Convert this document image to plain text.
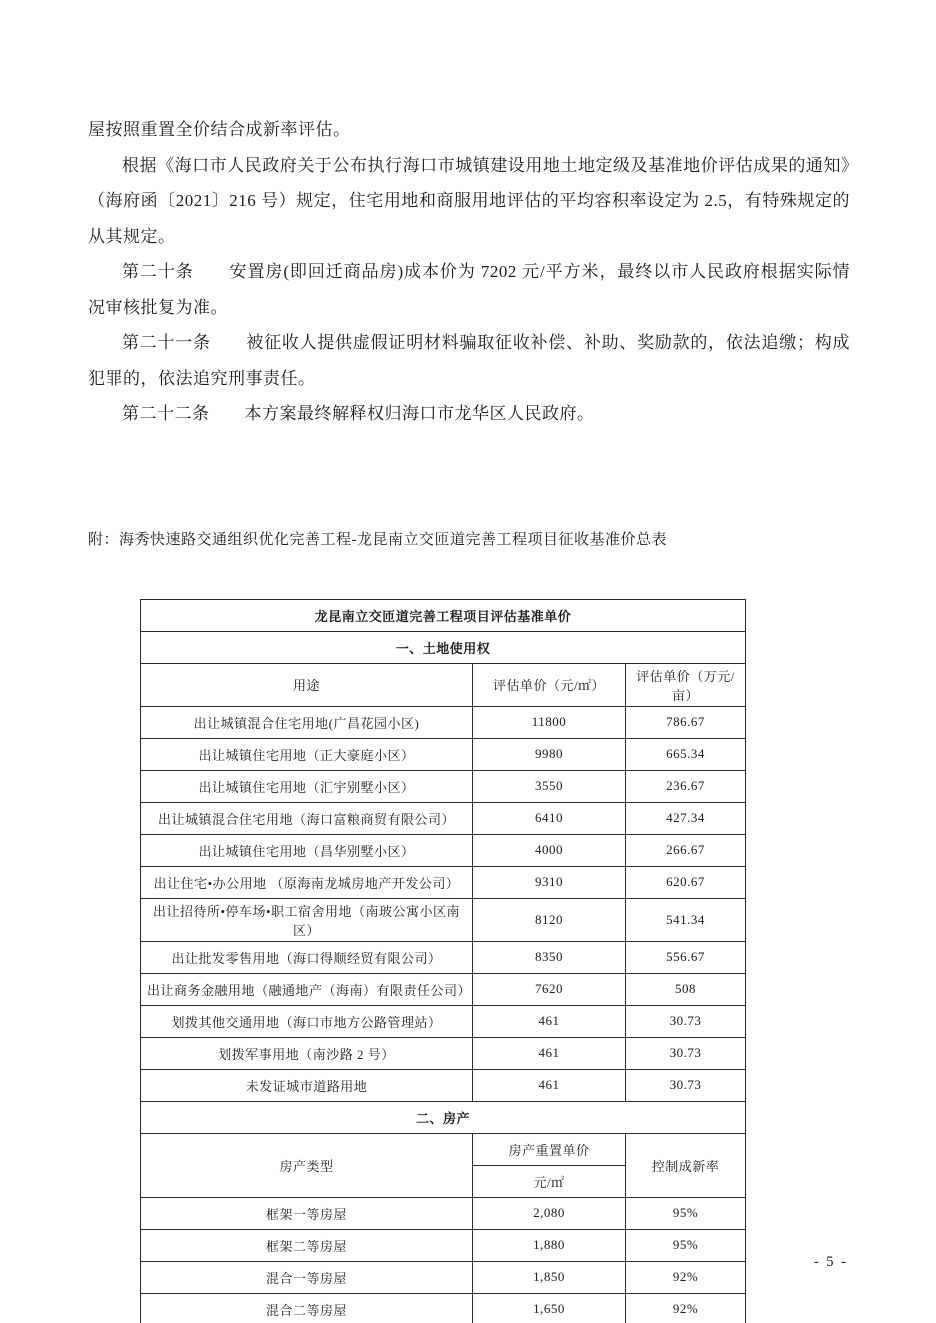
屋按照重置全价结合成新率评估。

根据《海口市人民政府关于公布执行海口市城镇建设用地土地定级及基准地价评估成果的通知》（海府函〔2021〕216 号）规定，住宅用地和商服用地评估的平均容积率设定为 2.5，有特殊规定的从其规定。

第二十条　　安置房(即回迁商品房)成本价为 7202 元/平方米，最终以市人民政府根据实际情况审核批复为准。

第二十一条　　被征收人提供虚假证明材料骗取征收补偿、补助、奖励款的，依法追缴；构成犯罪的，依法追究刑事责任。

第二十二条　　本方案最终解释权归海口市龙华区人民政府。

附：海秀快速路交通组织优化完善工程-龙昆南立交匝道完善工程项目征收基准价总表
龙昆南立交匝道完善工程项目评估基准单价		
一、土地使用权		
用途	评估单价（元/㎡）	评估单价（万元/亩）
出让城镇混合住宅用地(广昌花园小区)	11800	786.67
出让城镇住宅用地（正大豪庭小区）	9980	665.34
出让城镇住宅用地（汇宇别墅小区）	3550	236.67
出让城镇混合住宅用地（海口富粮商贸有限公司）	6410	427.34
出让城镇住宅用地（昌华别墅小区）	4000	266.67
出让住宅•办公用地 （原海南龙城房地产开发公司）	9310	620.67
出让招待所•停车场•职工宿舍用地（南玻公寓小区南区）	8120	541.34
出让批发零售用地（海口得顺经贸有限公司）	8350	556.67
出让商务金融用地（融通地产（海南）有限责任公司）	7620	508
划拨其他交通用地（海口市地方公路管理站）	461	30.73
划拨军事用地（南沙路 2 号）	461	30.73
未发证城市道路用地	461	30.73
二、房产		
房产类型	房产重置单价	控制成新率
	元/㎡	
框架一等房屋	2,080	95%
框架二等房屋	1,880	95%
混合一等房屋	1,850	92%
混合二等房屋	1,650	92%
- 5 -
